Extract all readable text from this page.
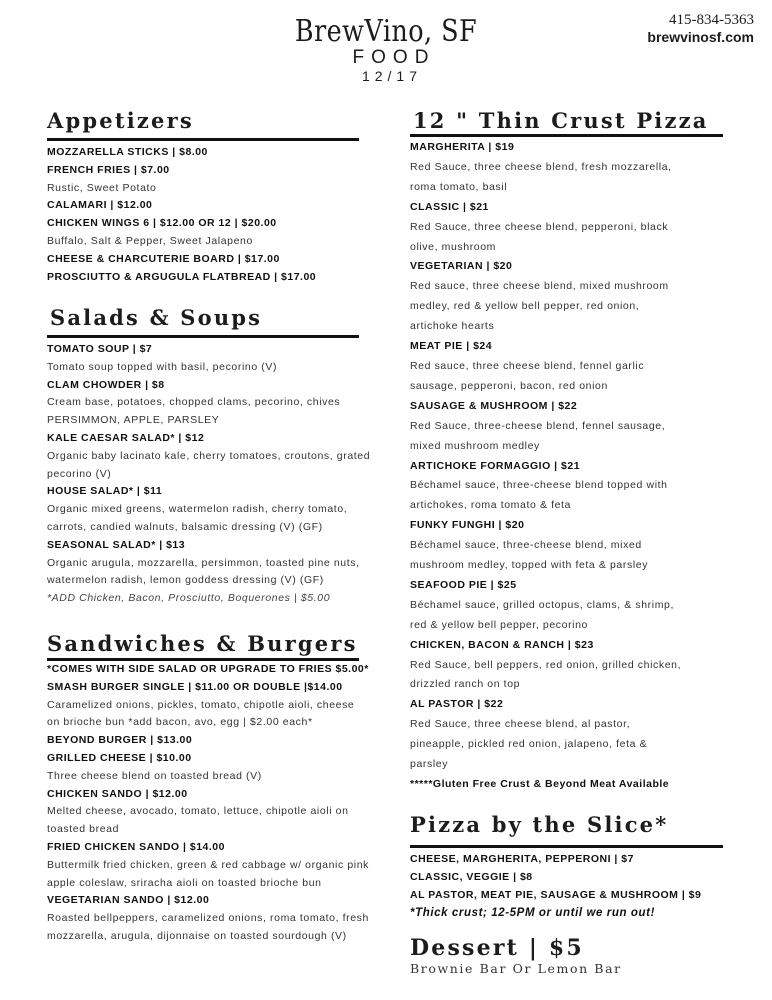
BrewVino, SF
FOOD
12/17
415-834-5363
brewvinosf.com
Appetizers
MOZZARELLA STICKS | $8.00
FRENCH FRIES | $7.00
Rustic, Sweet Potato
CALAMARI | $12.00
CHICKEN WINGS 6 | $12.00 OR 12 | $20.00
Buffalo, Salt & Pepper, Sweet Jalapeno
CHEESE & CHARCUTERIE BOARD | $17.00
PROSCIUTTO & ARGUGULA FLATBREAD | $17.00
Salads & Soups
TOMATO SOUP | $7
Tomato soup topped with basil, pecorino (V)
CLAM CHOWDER | $8
Cream base, potatoes, chopped clams, pecorino, chives
PERSIMMON, APPLE, PARSLEY
KALE CAESAR SALAD* | $12
Organic baby lacinato kale, cherry tomatoes, croutons, grated
pecorino (V)
HOUSE SALAD* | $11
Organic mixed greens, watermelon radish, cherry tomato,
carrots, candied walnuts, balsamic dressing (V) (GF)
SEASONAL SALAD* | $13
Organic arugula, mozzarella, persimmon, toasted pine nuts,
watermelon radish, lemon goddess dressing (V) (GF)
*ADD Chicken, Bacon, Prosciutto, Boquerones | $5.00
Sandwiches & Burgers
*COMES WITH SIDE SALAD OR UPGRADE TO FRIES $5.00*
SMASH BURGER SINGLE | $11.00 OR DOUBLE |$14.00
Caramelized onions, pickles, tomato, chipotle aioli, cheese
on brioche bun *add bacon, avo, egg | $2.00 each*
BEYOND BURGER | $13.00
GRILLED CHEESE | $10.00
Three cheese blend on toasted bread (V)
CHICKEN SANDO | $12.00
Melted cheese, avocado, tomato, lettuce, chipotle aioli on
toasted bread
FRIED CHICKEN SANDO | $14.00
Buttermilk fried chicken, green & red cabbage w/ organic pink
apple coleslaw, sriracha aioli on toasted brioche bun
VEGETARIAN SANDO | $12.00
Roasted bellpeppers, caramelized onions, roma tomato, fresh
mozzarella, arugula, dijonnaise on toasted sourdough (V)
12 " Thin Crust Pizza
MARGHERITA | $19
Red Sauce, three cheese blend, fresh mozzarella,
roma tomato, basil
CLASSIC | $21
Red Sauce, three cheese blend, pepperoni, black
olive, mushroom
VEGETARIAN | $20
Red sauce, three cheese blend, mixed mushroom
medley, red & yellow bell pepper, red onion,
artichoke hearts
MEAT PIE | $24
Red sauce, three cheese blend, fennel garlic
sausage, pepperoni, bacon, red onion
SAUSAGE & MUSHROOM | $22
Red Sauce, three-cheese blend, fennel sausage,
mixed mushroom medley
ARTICHOKE FORMAGGIO | $21
Béchamel sauce, three-cheese blend topped with
artichokes, roma tomato & feta
FUNKY FUNGHI | $20
Béchamel sauce, three-cheese blend, mixed
mushroom medley, topped with feta & parsley
SEAFOOD PIE | $25
Béchamel sauce, grilled octopus, clams, & shrimp,
red & yellow bell pepper, pecorino
CHICKEN, BACON & RANCH | $23
Red Sauce, bell peppers, red onion, grilled chicken,
drizzled ranch on top
AL PASTOR | $22
Red Sauce, three cheese blend, al pastor,
pineapple, pickled red onion, jalapeno, feta &
parsley
*****Gluten Free Crust & Beyond Meat Available
Pizza by the Slice*
CHEESE, MARGHERITA, PEPPERONI | $7
CLASSIC, VEGGIE | $8
AL PASTOR, MEAT PIE, SAUSAGE & MUSHROOM | $9
*Thick crust; 12-5PM or until we run out!
Dessert | $5
Brownie Bar Or Lemon Bar
